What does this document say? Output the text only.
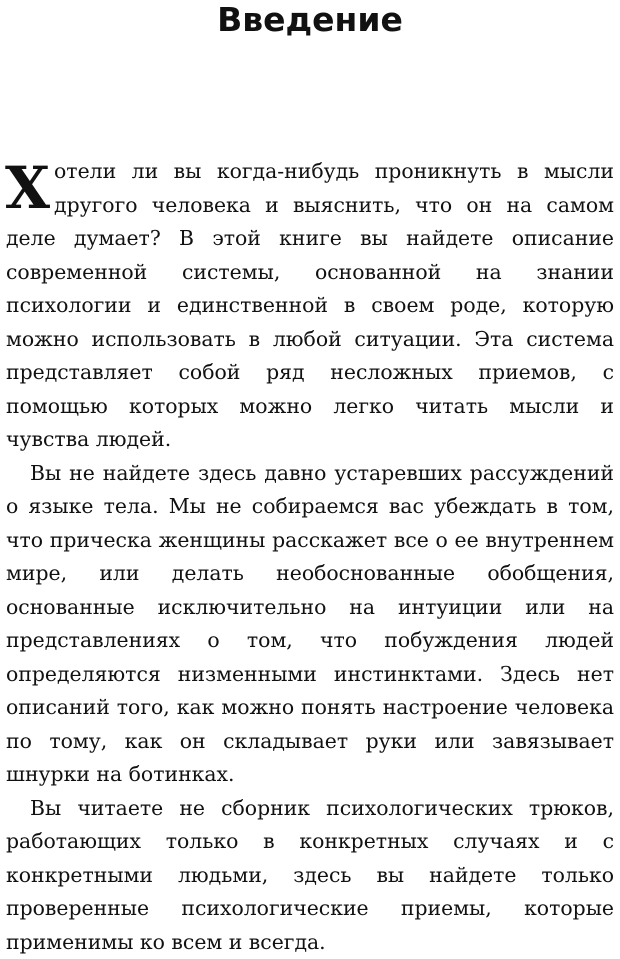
Введение

Хотели ли вы когда-нибудь проникнуть в мысли другого человека и выяснить, что он на самом деле думает? В этой книге вы найдете описание современной системы, основанной на знании психологии и единственной в своем роде, которую можно использовать в любой ситуации. Эта система представляет собой ряд несложных приемов, с помощью которых можно легко читать мысли и чувства людей.

Вы не найдете здесь давно устаревших рассуждений о языке тела. Мы не собираемся вас убеждать в том, что прическа женщины расскажет все о ее внутреннем мире, или делать необоснованные обобщения, основанные исключительно на интуиции или на представлениях о том, что побуждения людей определяются низменными инстинктами. Здесь нет описаний того, как можно понять настроение человека по тому, как он складывает руки или завязывает шнурки на ботинках.

Вы читаете не сборник психологических трюков, работающих только в конкретных случаях и с конкретными людьми, здесь вы найдете только проверенные психологические приемы, которые применимы ко всем и всегда.
